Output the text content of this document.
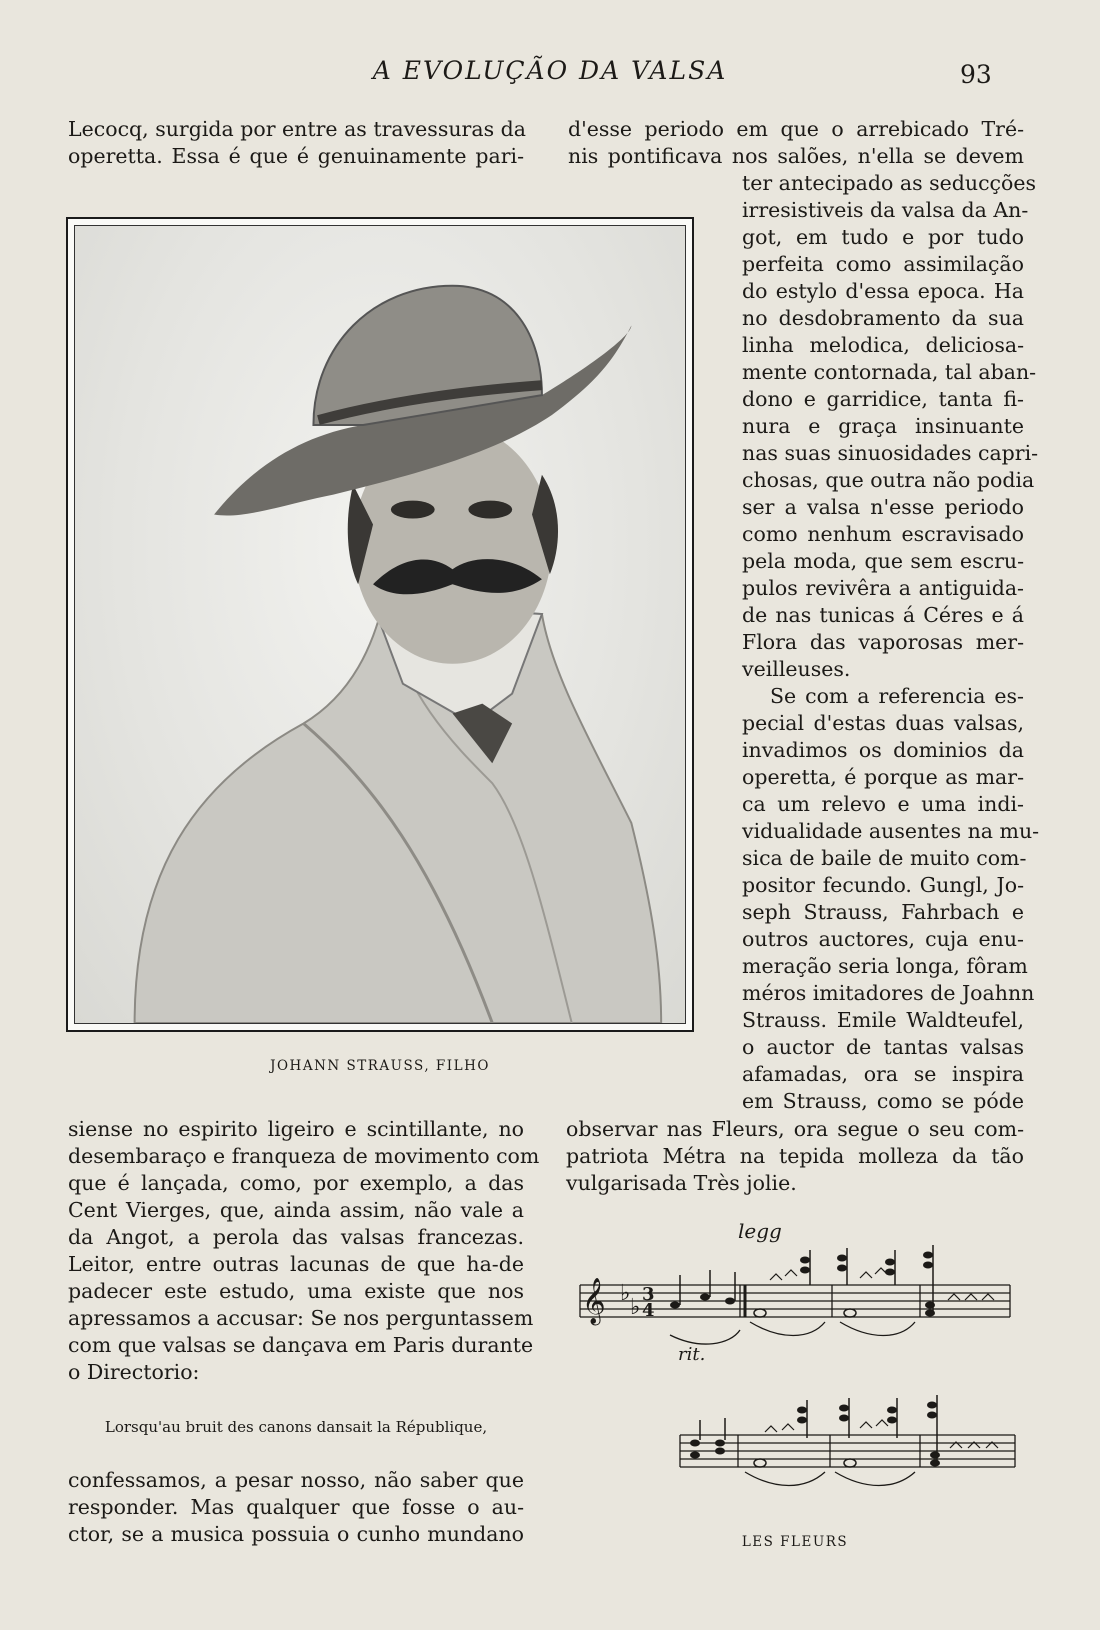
A EVOLUÇÃO DA VALSA	93
Lecocq, surgida por entre as travessuras da
operetta. Essa é que é genuinamente pari-
d'esse periodo em que o arrebicado Tré-
nis pontificava nos salões, n'ella se devem
ter antecipado as seducções
irresistiveis da valsa da An-
got, em tudo e por tudo
perfeita como assimilação
do estylo d'essa epoca. Ha
no desdobramento da sua
linha melodica, deliciosa-
mente contornada, tal aban-
dono e garridice, tanta fi-
nura e graça insinuante
nas suas sinuosidades capri-
chosas, que outra não podia
ser a valsa n'esse periodo
como nenhum escravisado
pela moda, que sem escru-
pulos revivêra a antiguida-
de nas tunicas á Céres e á
Flora das vaporosas mer-
veilleuses.
Se com a referencia es-
pecial d'estas duas valsas,
invadimos os dominios da
operetta, é porque as mar-
ca um relevo e uma indi-
vidualidade ausentes na mu-
sica de baile de muito com-
positor fecundo. Gungl, Jo-
seph Strauss, Fahrbach e
outros auctores, cuja enu-
meração seria longa, fôram
méros imitadores de Joahnn
Strauss. Emile Waldteufel,
o auctor de tantas valsas
afamadas, ora se inspira
em Strauss, como se póde
observar nas Fleurs, ora segue o seu com-
patriota Métra na tepida molleza da tão
vulgarisada Très jolie.
JOHANN STRAUSS, FILHO
siense no espirito ligeiro e scintillante, no
desembaraço e franqueza de movimento com
que é lançada, como, por exemplo, a das
Cent Vierges, que, ainda assim, não vale a
da Angot, a perola das valsas francezas.
Leitor, entre outras lacunas de que ha-de
padecer este estudo, uma existe que nos
apressamos a accusar: Se nos perguntassem
com que valsas se dançava em Paris durante
o Directorio:
Lorsqu'au bruit des canons dansait la République,
confessamos, a pesar nosso, não saber que
responder. Mas qualquer que fosse o au-
ctor, se a musica possuia o cunho mundano
𝄞 ♭
♭
3
4
legg
rit.
LES FLEURS
